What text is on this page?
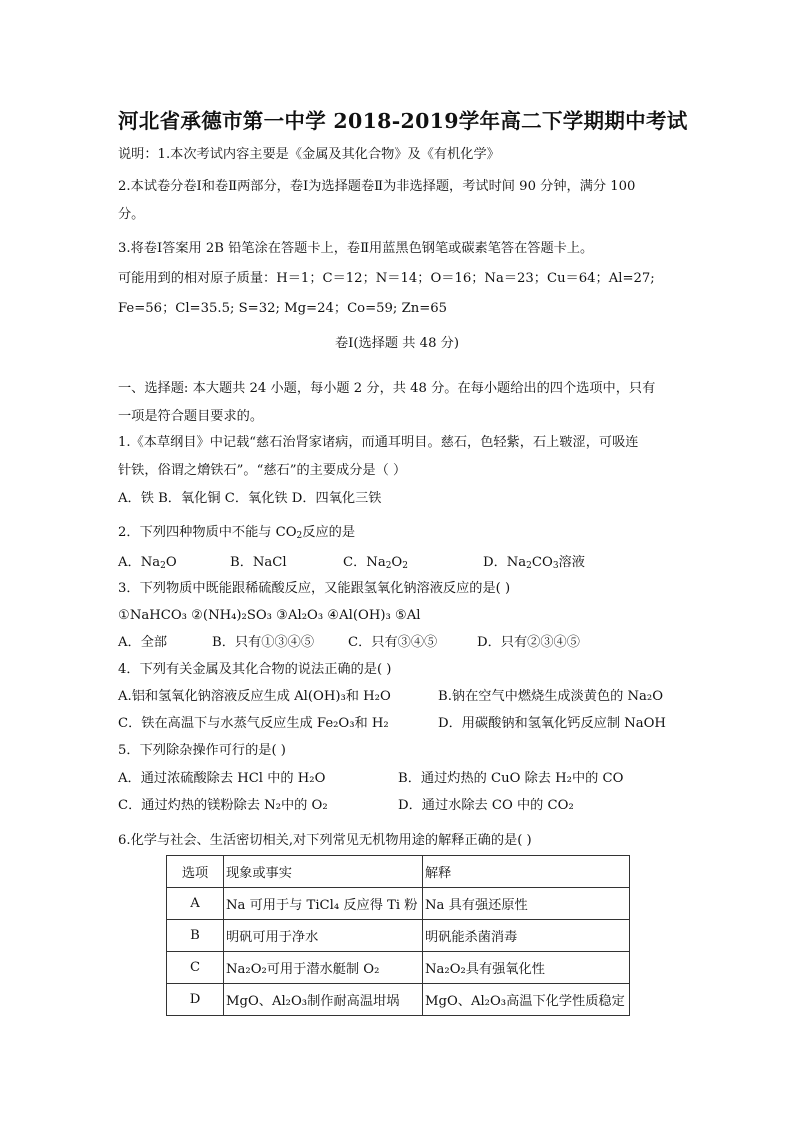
河北省承德市第一中学 2018-2019学年高二下学期期中考试
说明：1.本次考试内容主要是《金属及其化合物》及《有机化学》
2.本试卷分卷Ⅰ和卷Ⅱ两部分，卷Ⅰ为选择题卷Ⅱ为非选择题，考试时间 90 分钟，满分 100
分。
3.将卷Ⅰ答案用 2B 铅笔涂在答题卡上，卷Ⅱ用蓝黑色钢笔或碳素笔答在答题卡上。
可能用到的相对原子质量：H＝1；C＝12；N＝14；O＝16；Na＝23；Cu＝64；Al=27;
Fe=56；Cl=35.5; S=32; Mg=24；Co=59; Zn=65
卷Ⅰ(选择题 共 48 分)
一、选择题: 本大题共 24 小题，每小题 2 分，共 48 分。在每小题给出的四个选项中，只有
一项是符合题目要求的。
1.《本草纲目》中记载“慈石治肾家诸病，而通耳明目。慈石，色轻紫，石上皲涩，可吸连
针铁，俗谓之熁铁石”。“慈石”的主要成分是（ ）
A．铁 B．氧化铜 C．氧化铁 D．四氧化三铁
2．下列四种物质中不能与 $CO_2$反应的是
A．$Na_2O$	B．NaCl	C．$Na_2O_2$	D．$Na_2CO_3$溶液
3．下列物质中既能跟稀硫酸反应，又能跟氢氧化钠溶液反应的是( )
①NaHCO₃ ②(NH₄)₂SO₃ ③Al₂O₃ ④Al(OH)₃ ⑤Al
A．全部	B．只有①③④⑤	C．只有③④⑤	D．只有②③④⑤
4．下列有关金属及其化合物的说法正确的是( )
A.铝和氢氧化钠溶液反应生成 Al(OH)₃和 H₂O	B.钠在空气中燃烧生成淡黄色的 Na₂O
C．铁在高温下与水蒸气反应生成 Fe₂O₃和 H₂	D．用碳酸钠和氢氧化钙反应制 NaOH
5．下列除杂操作可行的是( )
A．通过浓硫酸除去 HCl 中的 H₂O	B．通过灼热的 CuO 除去 H₂中的 CO
C．通过灼热的镁粉除去 N₂中的 O₂	D．通过水除去 CO 中的 CO₂
6.化学与社会、生活密切相关,对下列常见无机物用途的解释正确的是( )
选项	现象或事实	解释
A	Na 可用于与 TiCl₄ 反应得 Ti 粉	Na 具有强还原性
B	明矾可用于净水	明矾能杀菌消毒
C	Na₂O₂可用于潜水艇制 O₂	Na₂O₂具有强氧化性
D	MgO、Al₂O₃制作耐高温坩埚	MgO、Al₂O₃高温下化学性质稳定
